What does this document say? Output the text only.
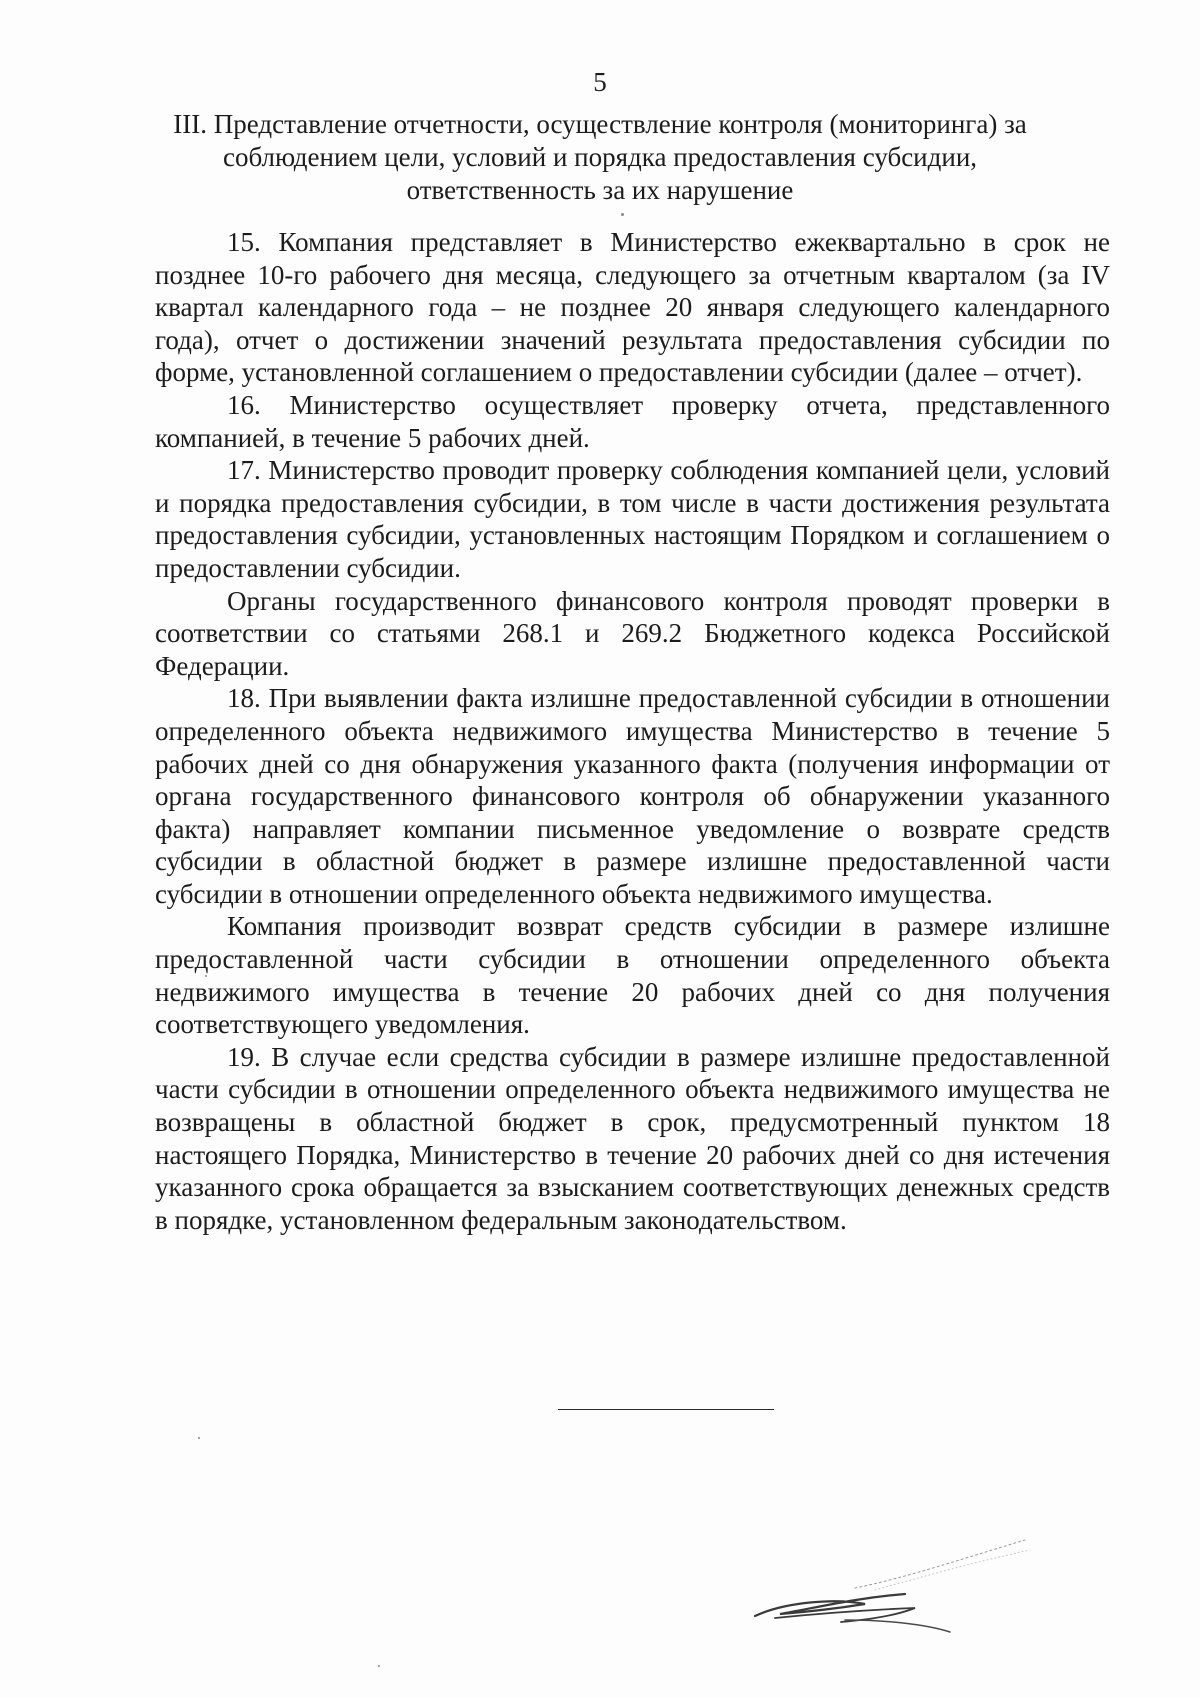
5
III. Представление отчетности, осуществление контроля (мониторинга) за
соблюдением цели, условий и порядка предоставления субсидии,
ответственность за их нарушение

15. Компания представляет в Министерство ежеквартально в срок не позднее 10-го рабочего дня месяца, следующего за отчетным кварталом (за IV квартал календарного года – не позднее 20 января следующего календарного года), отчет о достижении значений результата предоставления субсидии по форме, установленной соглашением о предоставлении субсидии (далее – отчет).

16. Министерство осуществляет проверку отчета, представленного компанией, в течение 5 рабочих дней.

17. Министерство проводит проверку соблюдения компанией цели, условий и порядка предоставления субсидии, в том числе в части достижения результата предоставления субсидии, установленных настоящим Порядком и соглашением о предоставлении субсидии.

Органы государственного финансового контроля проводят проверки в соответствии со статьями 268.1 и 269.2 Бюджетного кодекса Российской Федерации.

18. При выявлении факта излишне предоставленной субсидии в отношении определенного объекта недвижимого имущества Министерство в течение 5 рабочих дней со дня обнаружения указанного факта (получения информации от органа государственного финансового контроля об обнаружении указанного факта) направляет компании письменное уведомление о возврате средств субсидии в областной бюджет в размере излишне предоставленной части субсидии в отношении определенного объекта недвижимого имущества.

Компания производит возврат средств субсидии в размере излишне предоставленной части субсидии в отношении определенного объекта недвижимого имущества в течение 20 рабочих дней со дня получения соответствующего уведомления.

19. В случае если средства субсидии в размере излишне предоставленной части субсидии в отношении определенного объекта недвижимого имущества не возвращены в областной бюджет в срок, предусмотренный пунктом 18 настоящего Порядка, Министерство в течение 20 рабочих дней со дня истечения указанного срока обращается за взысканием соответствующих денежных средств в порядке, установленном федеральным законодательством.
